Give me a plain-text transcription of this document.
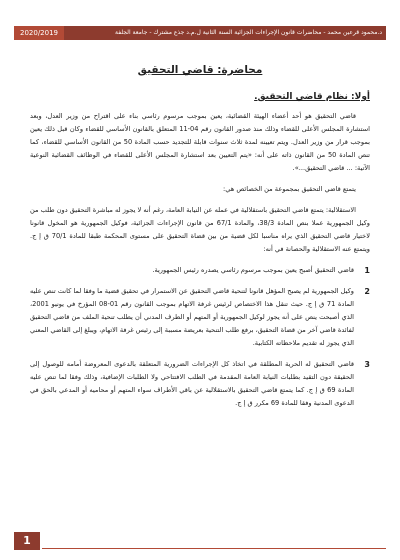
2020/2019	د.محمود قرعين محمد - محاضرات قانون الإجراءات الجزائية السنة الثانية ل.م.د جذع مشترك - جامعة الجلفة
محاضرة: قاضي التحقيق
أولا: نظام قاضي التحقيق.

قاضي التحقيق هو أحد أعضاء الهيئة القضائية، يعين بموجب مرسوم رئاسي بناء على اقتراح من وزير العدل، وبعد استشارة المجلس الأعلى للقضاء وذلك منذ صدور القانون رقم 04-11 المتعلق بالقانون الأساسي للقضاء وكان قبل ذلك يعين بموجب قرار من وزير العدل. ويتم تعيينه لمدة ثلاث سنوات قابلة للتجديد حسب المادة 50 من القانون الأساسي للقضاء، كما تنص المادة 50 من القانون ذاته على أنه: «يتم التعيين بعد استشارة المجلس الأعلى للقضاء في الوظائف القضائية النوعية الآتية: ... قاضي التحقيق...».

يتمتع قاضي التحقيق بمجموعة من الخصائص هي:

الاستقلالية: يتمتع قاضي التحقيق باستقلالية في عمله عن النيابة العامة، رغم أنه لا يجوز له مباشرة التحقيق دون طلب من وكيل الجمهورية عملا بنص المادة 38/3، والمادة 67/1 من قانون الإجراءات الجزائية، فوكيل الجمهورية هو المخول قانونا لاختيار قاضي التحقيق الذي يراه مناسبا لكل قضية من بين قضاة التحقيق على مستوى المحكمة طبقا للمادة 70/1 ق إ ج. ويتمتع عنه الاستقلالية والحصانة في أنه:

1
قاضي التحقيق أصبح يعين بموجب مرسوم رئاسي يصدره رئيس الجمهورية.
2
وكيل الجمهورية لم يصبح المؤهل قانونا لتنحية قاضي التحقيق عن الاستمرار في تحقيق قضية ما وفقا لما كانت تنص عليه المادة 71 ق إ ج. حيث تنقل هذا الاختصاص لرئيس غرفة الاتهام بموجب القانون رقم 01-08 المؤرخ في يونيو 2001، الذي أصبحت ينص على أنه يجوز لوكيل الجمهورية أو المتهم أو الطرف المدني أن يطلب تنحية الملف من قاضي التحقيق لفائدة قاضي آخر من قضاة التحقيق، برفع طلب التنحية بعريضة مسببة إلى رئيس غرفة الاتهام، ويبلغ إلى القاضي المعني الذي يجوز له تقديم ملاحظاته الكتابية.
3
قاضي التحقيق له الحرية المطلقة في اتخاذ كل الإجراءات الضرورية المتعلقة بالدعوى المعروضة أمامه للوصول إلى الحقيقة دون التقيد بطلبات النيابة العامة المقدمة في الطلب الافتتاحي ولا الطلبات الإضافية، وذلك وفقا لما تنص عليه المادة 69 ق إ ج. كما يتمتع قاضي التحقيق بالاستقلالية عن باقي الأطراف سواء المتهم أو محاميه أو المدعي بالحق في الدعوى المدنية وفقا للمادة 69 مكرر ق إ ج.
1
